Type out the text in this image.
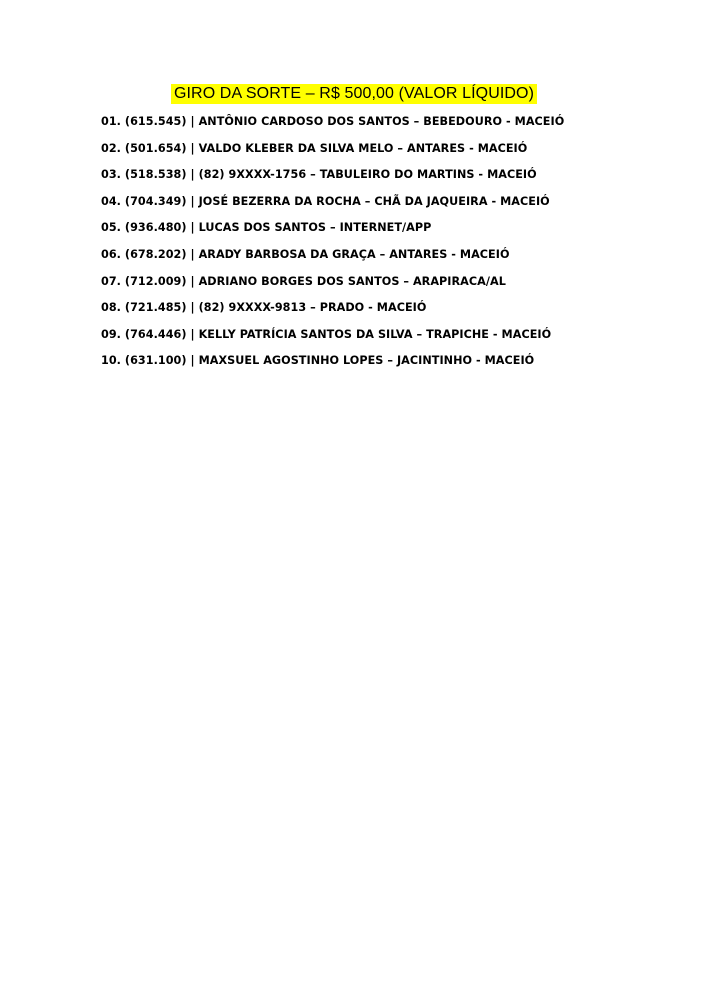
GIRO DA SORTE – R$ 500,00 (VALOR LÍQUIDO)
01. (615.545) | ANTÔNIO CARDOSO DOS SANTOS – BEBEDOURO - MACEIÓ
02. (501.654) | VALDO KLEBER DA SILVA MELO – ANTARES - MACEIÓ
03. (518.538) | (82) 9XXXX-1756 – TABULEIRO DO MARTINS - MACEIÓ
04. (704.349) | JOSÉ BEZERRA DA ROCHA – CHÃ DA JAQUEIRA - MACEIÓ
05. (936.480) | LUCAS DOS SANTOS – INTERNET/APP
06. (678.202) | ARADY BARBOSA DA GRAÇA – ANTARES - MACEIÓ
07. (712.009) | ADRIANO BORGES DOS SANTOS – ARAPIRACA/AL
08. (721.485) | (82) 9XXXX-9813 – PRADO - MACEIÓ
09. (764.446) | KELLY PATRÍCIA SANTOS DA SILVA – TRAPICHE - MACEIÓ
10. (631.100) | MAXSUEL AGOSTINHO LOPES – JACINTINHO - MACEIÓ
